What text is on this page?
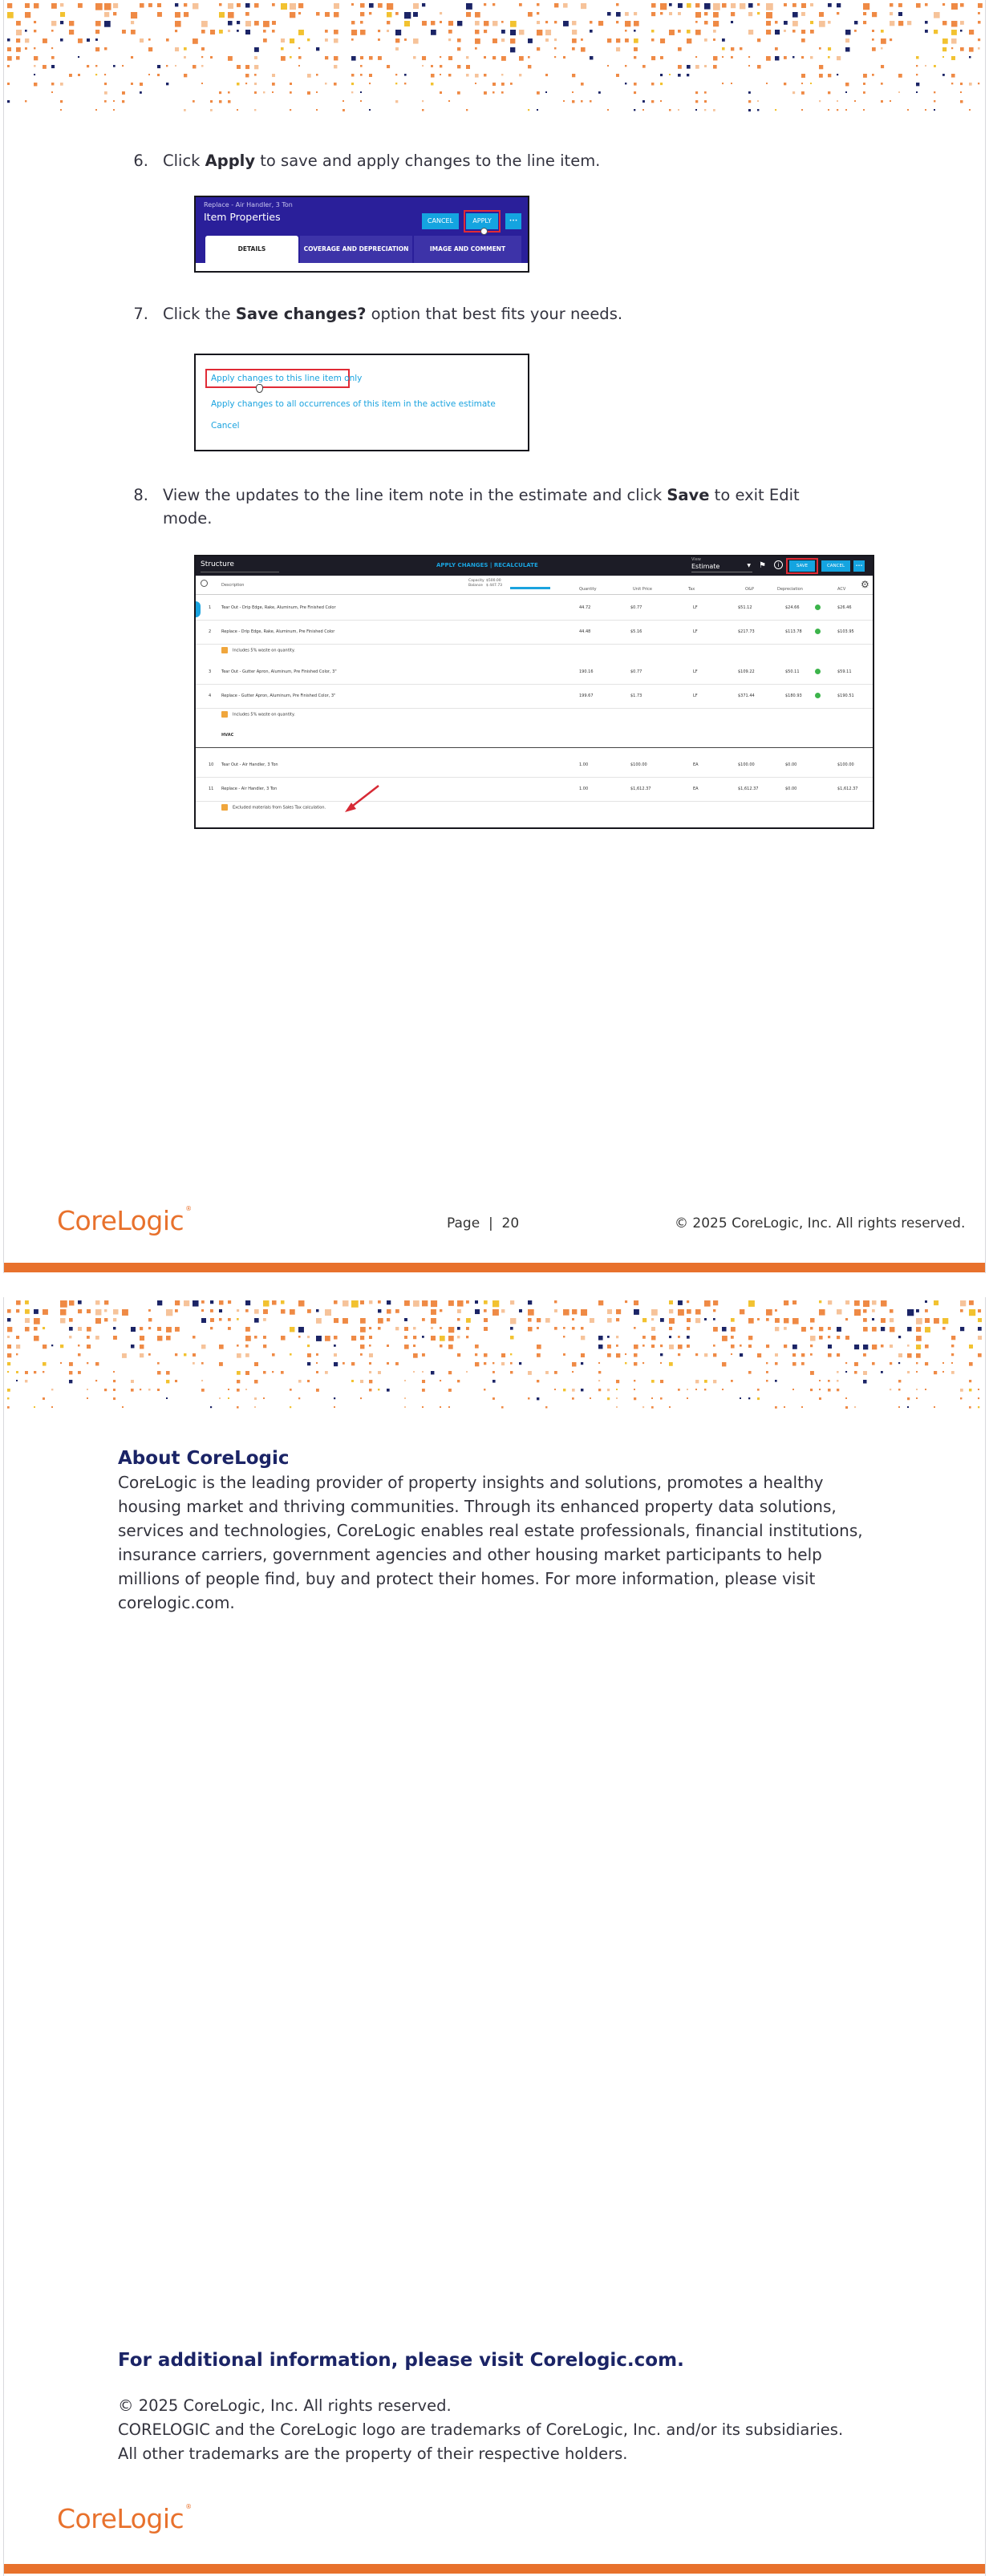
6. Click Apply to save and apply changes to the line item.
Replace - Air Handler, 3 Ton
Item Properties	CANCEL	APPLY	•••
DETAILS	COVERAGE AND DEPRECIATION	IMAGE AND COMMENT
7. Click the Save changes? option that best fits your needs.
Apply changes to this line item only
Apply changes to all occurrences of this item in the active estimate
Cancel
8. View the updates to the line item note in the estimate and click Save to exit Edit mode.
Structure	APPLY CHANGES | RECALCULATE
View
Estimate	▼ ⚑	i	SAVE	CANCEL	•••
Description
Capacity $500.00
Balance $ 447.73
Quantity	Unit Price	Tax	O&P	Depreciation	ACV ⚙
1	Tear Out - Drip Edge, Rake, Aluminum, Pre Finished Color	44.72	$0.77	LF	$51.12	$24.66	$26.46
2	Replace - Drip Edge, Rake, Aluminum, Pre Finished Color	44.48	$5.16	LF	$217.73	$113.78	$103.95
Includes 5% waste on quantity.
3	Tear Out - Gutter Apron, Aluminum, Pre Finished Color, 3"	190.16	$0.77	LF	$109.22	$50.11	$59.11
4	Replace - Gutter Apron, Aluminum, Pre Finished Color, 3"	199.67	$1.73	LF	$371.44	$180.93	$190.51
Includes 5% waste on quantity.
HVAC
10 Tear Out - Air Handler, 3 Ton	1.00	$100.00	EA	$100.00	$0.00	$100.00
11 Replace - Air Handler, 3 Ton	1.00	$1,612.37	EA	$1,612.37	$0.00	$1,612.37
Excluded materials from Sales Tax calculation.
CoreLogic ®
Page | 20	© 2025 CoreLogic, Inc. All rights reserved.
CoreLogic ®
About CoreLogic
CoreLogic is the leading provider of property insights and solutions, promotes a healthy housing market and thriving communities. Through its enhanced property data solutions, services and technologies, CoreLogic enables real estate professionals, financial institutions, insurance carriers, government agencies and other housing market participants to help millions of people find, buy and protect their homes. For more information, please visit corelogic.com.
For additional information, please visit Corelogic.com.
© 2025 CoreLogic, Inc. All rights reserved.
CORELOGIC and the CoreLogic logo are trademarks of CoreLogic, Inc. and/or its subsidiaries.
All other trademarks are the property of their respective holders.
